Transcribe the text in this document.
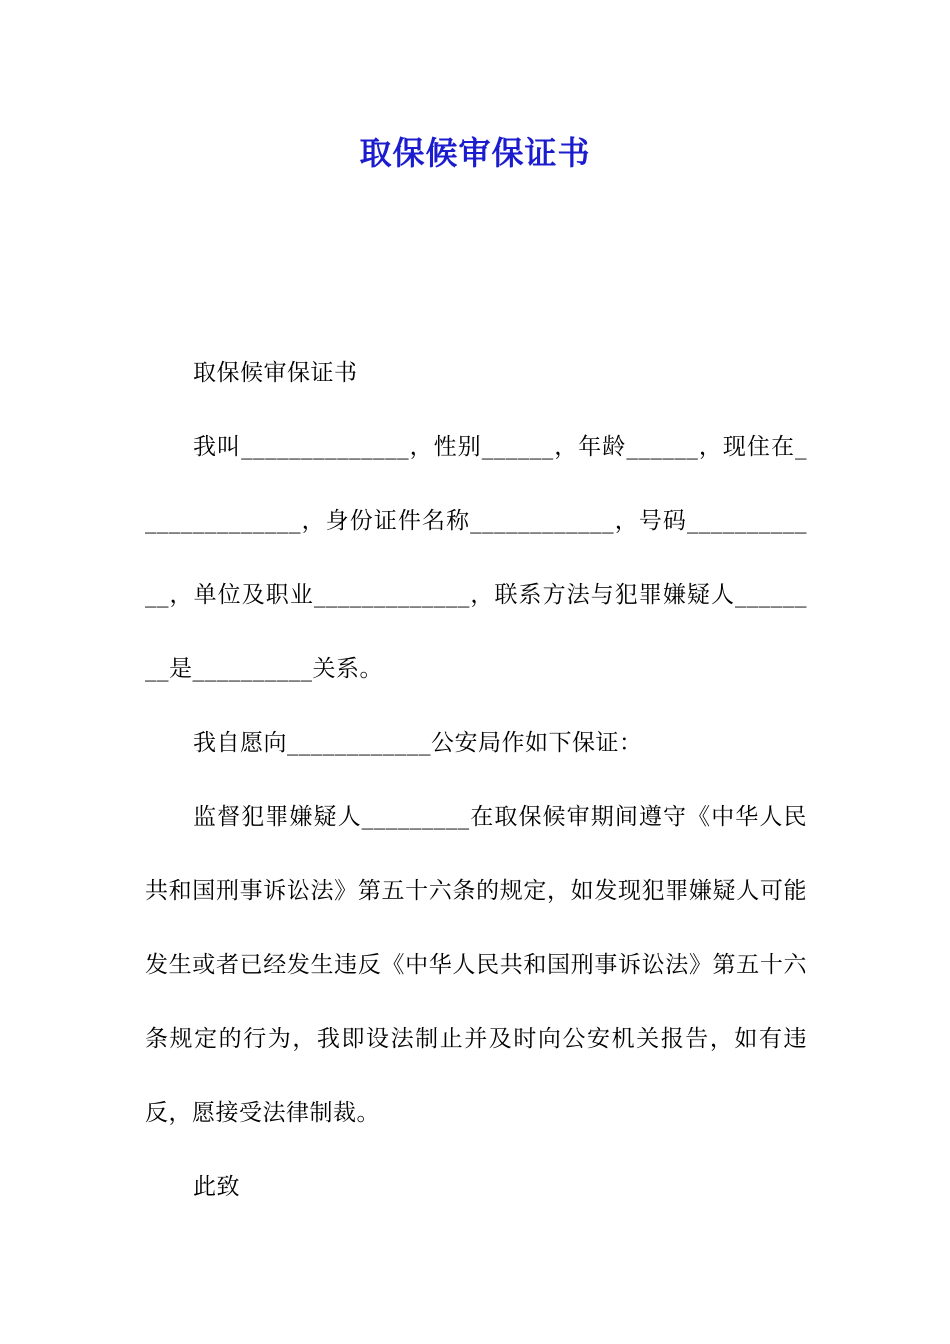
取保候审保证书

取保候审保证书

我叫______________，性别______，年龄______，现住在______________，身份证件名称____________，号码____________，单位及职业_____________，联系方法与犯罪嫌疑人________是__________关系。

我自愿向____________公安局作如下保证：

监督犯罪嫌疑人_________在取保候审期间遵守《中华人民共和国刑事诉讼法》第五十六条的规定，如发现犯罪嫌疑人可能发生或者已经发生违反《中华人民共和国刑事诉讼法》第五十六条规定的行为，我即设法制止并及时向公安机关报告，如有违反，愿接受法律制裁。

此致
